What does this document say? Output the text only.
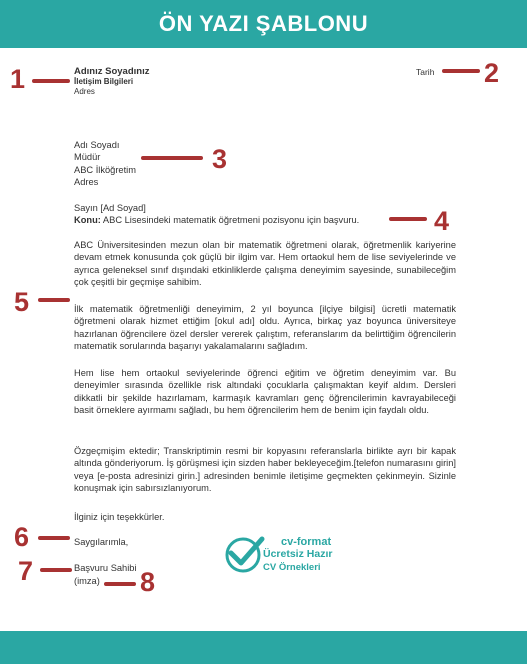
ÖN YAZI ŞABLONU
Adınız Soyadınız
İletişim Bilgileri
Adres
Tarih
Adı Soyadı
Müdür
ABC İlköğretim
Adres
Sayın [Ad Soyad]
Konu: ABC Lisesindeki matematik öğretmeni pozisyonu için başvuru.
ABC Üniversitesinden mezun olan bir matematik öğretmeni olarak, öğretmenlik kariyerine devam etmek konusunda çok güçlü bir ilgim var. Hem ortaokul hem de lise seviyelerinde ve ayrıca geleneksel sınıf dışındaki etkinliklerde çalışma deneyimim sayesinde, sunabileceğim çok çeşitli bir geçmişe sahibim.
İlk matematik öğretmenliği deneyimim, 2 yıl boyunca [ilçiye bilgisi] ücretli matematik öğretmeni olarak hizmet ettiğim [okul adı] oldu. Ayrıca, birkaç yaz boyunca üniversiteye hazırlanan öğrencilere özel dersler vererek çalıştım, referanslarım da belirttiğim öğrencilerin matematik sorularında başarıyı yakalamalarını sağladım.
Hem lise hem ortaokul seviyelerinde öğrenci eğitim ve öğretim deneyimim var. Bu deneyimler sırasında özellikle risk altındaki çocuklarla çalışmaktan keyif aldım. Dersleri dikkatli bir şekilde hazırlamam, karmaşık kavramları genç öğrencilerimin kavrayabileceği basit örneklere ayırmamı sağladı, bu hem öğrencilerim hem de benim için faydalı oldu.
Özgeçmişim ektedir; Transkriptimin resmi bir kopyasını referanslarla birlikte ayrı bir kapak altında gönderiyorum. İş görüşmesi için sizden haber bekleyeceğim.[telefon numarasını girin] veya [e-posta adresinizi girin.] adresinden benimle iletişime geçmekten çekinmeyin. Sizinle konuşmak için sabırsızlanıyorum.
İlginiz için teşekkürler.
Saygılarımla,
Başvuru Sahibi
(imza)
cv-format
Ücretsiz Hazır
CV Örnekleri
1	2
3
4
5
6
7	8
